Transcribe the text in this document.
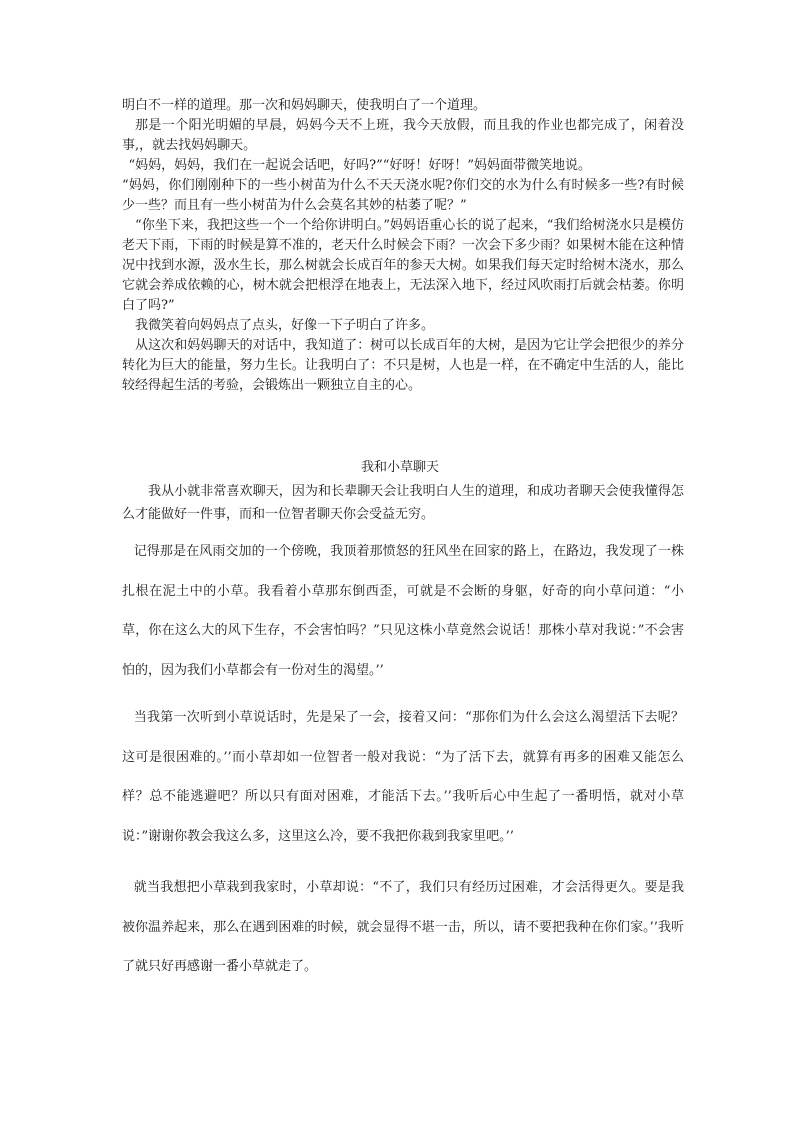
明白不一样的道理。那一次和妈妈聊天，使我明白了一个道理。

那是一个阳光明媚的早晨，妈妈今天不上班，我今天放假，而且我的作业也都完成了，闲着没事,，就去找妈妈聊天。

“妈妈，妈妈，我们在一起说会话吧，好吗?”“好呀！好呀！”妈妈面带微笑地说。

“妈妈，你们刚刚种下的一些小树苗为什么不天天浇水呢?你们交的水为什么有时候多一些?有时候少一些？而且有一些小树苗为什么会莫名其妙的枯萎了呢？”

“你坐下来，我把这些一个一个给你讲明白。”妈妈语重心长的说了起来，“我们给树浇水只是模仿老天下雨，下雨的时候是算不准的，老天什么时候会下雨？一次会下多少雨？如果树木能在这种情况中找到水源，汲水生长，那么树就会长成百年的参天大树。如果我们每天定时给树木浇水，那么它就会养成依赖的心，树木就会把根浮在地表上，无法深入地下，经过风吹雨打后就会枯萎。你明白了吗?”

我微笑着向妈妈点了点头，好像一下子明白了许多。

从这次和妈妈聊天的对话中，我知道了：树可以长成百年的大树，是因为它让学会把很少的养分转化为巨大的能量，努力生长。让我明白了：不只是树，人也是一样，在不确定中生活的人，能比较经得起生活的考验，会锻炼出一颗独立自主的心。

我和小草聊天

我从小就非常喜欢聊天，因为和长辈聊天会让我明白人生的道理，和成功者聊天会使我懂得怎么才能做好一件事，而和一位智者聊天你会受益无穷。

记得那是在风雨交加的一个傍晚，我顶着那愤怒的狂风坐在回家的路上，在路边，我发现了一株扎根在泥土中的小草。我看着小草那东倒西歪，可就是不会断的身躯，好奇的向小草问道：“小草，你在这么大的风下生存，不会害怕吗？”只见这株小草竟然会说话！那株小草对我说：”不会害怕的，因为我们小草都会有一份对生的渴望。’’

当我第一次听到小草说话时，先是呆了一会，接着又问：“那你们为什么会这么渴望活下去呢？这可是很困难的。’’而小草却如一位智者一般对我说：“为了活下去，就算有再多的困难又能怎么样？总不能逃避吧？所以只有面对困难，才能活下去。’’我听后心中生起了一番明悟，就对小草说：”谢谢你教会我这么多，这里这么冷，要不我把你栽到我家里吧。’’

就当我想把小草栽到我家时，小草却说：“不了，我们只有经历过困难，才会活得更久。要是我被你温养起来，那么在遇到困难的时候，就会显得不堪一击，所以，请不要把我种在你们家。’’我听了就只好再感谢一番小草就走了。
